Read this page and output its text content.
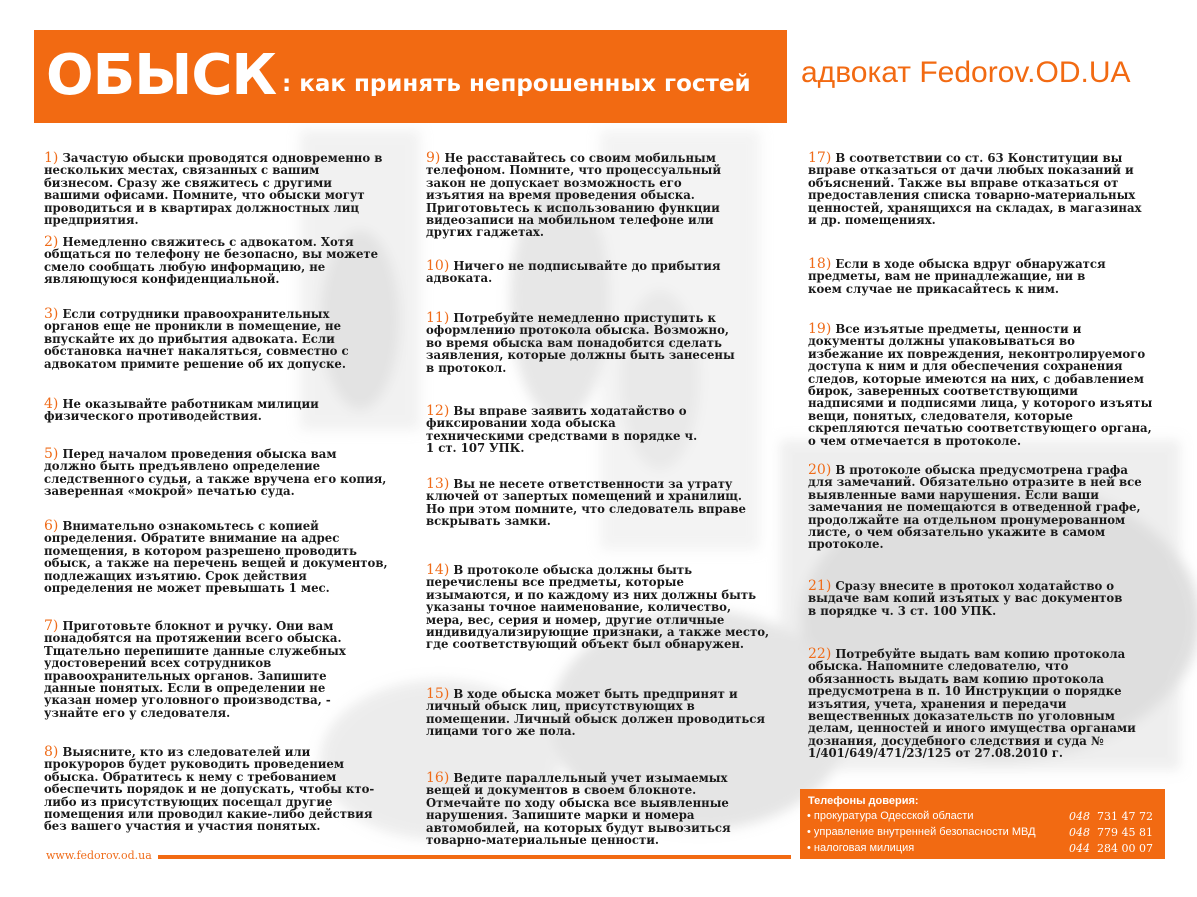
ОБЫСК : как принять непрошенных гостей адвокат Fedorov.OD.UA
1) Зачастую обыски проводятся одновременно в нескольких местах, связанных с вашим бизнесом. Сразу же свяжитесь с другими вашими офисами. Помните, что обыски могут проводиться и в квартирах должностных лиц предприятия.
2) Немедленно свяжитесь с адвокатом. Хотя общаться по телефону не безопасно, вы можете смело сообщать любую информацию, не являющуюся конфиденциальной.
3) Если сотрудники правоохранительных органов еще не проникли в помещение, не впускайте их до прибытия адвоката. Если обстановка начнет накаляться, совместно с адвокатом примите решение об их допуске.
4) Не оказывайте работникам милиции физического противодействия.
5) Перед началом проведения обыска вам должно быть предъявлено определение следственного судьи, а также вручена его копия, заверенная «мокрой» печатью суда.
6) Внимательно ознакомьтесь с копией определения. Обратите внимание на адрес помещения, в котором разрешено проводить обыск, а также на перечень вещей и документов, подлежащих изъятию. Срок действия определения не может превышать 1 мес.
7) Приготовьте блокнот и ручку. Они вам понадобятся на протяжении всего обыска. Тщательно перепишите данные служебных удостоверений всех сотрудников правоохранительных органов. Запишите данные понятых. Если в определении не указан номер уголовного производства, - узнайте его у следователя.
8) Выясните, кто из следователей или прокуроров будет руководить проведением обыска. Обратитесь к нему с требованием обеспечить порядок и не допускать, чтобы кто-либо из присутствующих посещал другие помещения или проводил какие-либо действия без вашего участия и участия понятых.
9) Не расставайтесь со своим мобильным телефоном. Помните, что процессуальный закон не допускает возможность его изъятия на время проведения обыска. Приготовьтесь к использованию функции видеозаписи на мобильном телефоне или других гаджетах.
10) Ничего не подписывайте до прибытия адвоката.
11) Потребуйте немедленно приступить к оформлению протокола обыска. Возможно, во время обыска вам понадобится сделать заявления, которые должны быть занесены в протокол.
12) Вы вправе заявить ходатайство о фиксировании хода обыска техническими средствами в порядке ч. 1 ст. 107 УПК.
13) Вы не несете ответственности за утрату ключей от запертых помещений и хранилищ. Но при этом помните, что следователь вправе вскрывать замки.
14) В протоколе обыска должны быть перечислены все предметы, которые изымаются, и по каждому из них должны быть указаны точное наименование, количество, мера, вес, серия и номер, другие отличные индивидуализирующие признаки, а также место, где соответствующий объект был обнаружен.
15) В ходе обыска может быть предпринят и личный обыск лиц, присутствующих в помещении. Личный обыск должен проводиться лицами того же пола.
16) Ведите параллельный учет изымаемых вещей и документов в своем блокноте. Отмечайте по ходу обыска все выявленные нарушения. Запишите марки и номера автомобилей, на которых будут вывозиться товарно-материальные ценности.
17) В соответствии со ст. 63 Конституции вы вправе отказаться от дачи любых показаний и объяснений. Также вы вправе отказаться от предоставления списка товарно-материальных ценностей, хранящихся на складах, в магазинах и др. помещениях.
18) Если в ходе обыска вдруг обнаружатся предметы, вам не принадлежащие, ни в коем случае не прикасайтесь к ним.
19) Все изъятые предметы, ценности и документы должны упаковываться во избежание их повреждения, неконтролируемого доступа к ним и для обеспечения сохранения следов, которые имеются на них, с добавлением бирок, заверенных соответствующими надписями и подписями лица, у которого изъяты вещи, понятых, следователя, которые скрепляются печатью соответствующего органа, о чем отмечается в протоколе.
20) В протоколе обыска предусмотрена графа для замечаний. Обязательно отразите в ней все выявленные вами нарушения. Если ваши замечания не помещаются в отведенной графе, продолжайте на отдельном пронумерованном листе, о чем обязательно укажите в самом протоколе.
21) Сразу внесите в протокол ходатайство о выдаче вам копий изъятых у вас документов в порядке ч. 3 ст. 100 УПК.
22) Потребуйте выдать вам копию протокола обыска. Напомните следователю, что обязанность выдать вам копию протокола предусмотрена в п. 10 Инструкции о порядке изъятия, учета, хранения и передачи вещественных доказательств по уголовным делам, ценностей и иного имущества органами дознания, досудебного следствия и суда № 1/401/649/471/23/125 от 27.08.2010 г.
www.fedorov.od.ua
Телефоны доверия:
• прокуратура Одесской области	048 731 47 72
• управление внутренней безопасности МВД	048 779 45 81
• налоговая милиция	044 284 00 07
